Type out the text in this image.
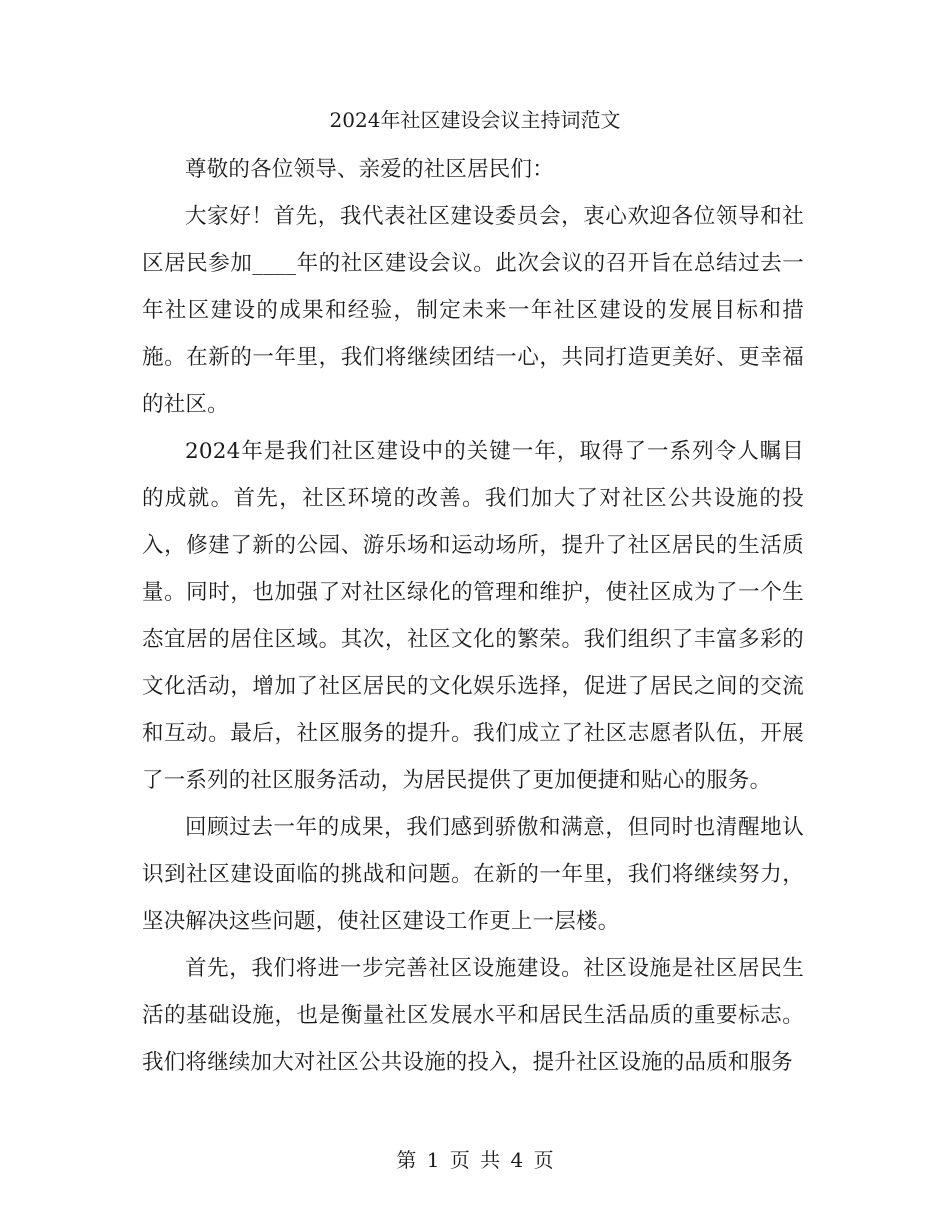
2024年社区建设会议主持词范文

尊敬的各位领导、亲爱的社区居民们：

大家好！首先，我代表社区建设委员会，衷心欢迎各位领导和社区居民参加____年的社区建设会议。此次会议的召开旨在总结过去一年社区建设的成果和经验，制定未来一年社区建设的发展目标和措施。在新的一年里，我们将继续团结一心，共同打造更美好、更幸福的社区。

2024年是我们社区建设中的关键一年，取得了一系列令人瞩目的成就。首先，社区环境的改善。我们加大了对社区公共设施的投入，修建了新的公园、游乐场和运动场所，提升了社区居民的生活质量。同时，也加强了对社区绿化的管理和维护，使社区成为了一个生态宜居的居住区域。其次，社区文化的繁荣。我们组织了丰富多彩的文化活动，增加了社区居民的文化娱乐选择，促进了居民之间的交流和互动。最后，社区服务的提升。我们成立了社区志愿者队伍，开展了一系列的社区服务活动，为居民提供了更加便捷和贴心的服务。

回顾过去一年的成果，我们感到骄傲和满意，但同时也清醒地认识到社区建设面临的挑战和问题。在新的一年里，我们将继续努力，坚决解决这些问题，使社区建设工作更上一层楼。

首先，我们将进一步完善社区设施建设。社区设施是社区居民生活的基础设施，也是衡量社区发展水平和居民生活品质的重要标志。我们将继续加大对社区公共设施的投入，提升社区设施的品质和服务

第 1 页 共 4 页
